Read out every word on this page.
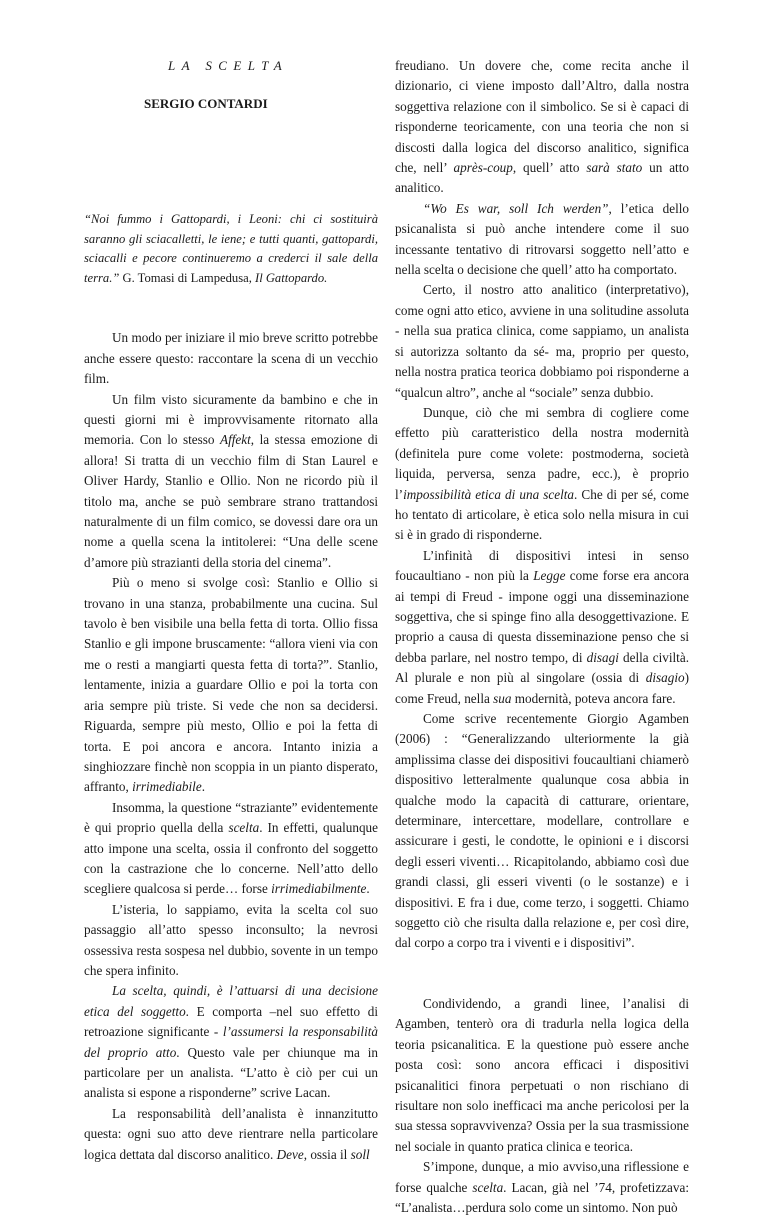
LA SCELTA

SERGIO CONTARDI

“Noi fummo i Gattopardi, i Leoni: chi ci sostituirà saranno gli sciacalletti, le iene; e tutti quanti, gattopardi, sciacalli e pecore continueremo a crederci il sale della terra.” G. Tomasi di Lampedusa, Il Gattopardo.

Un modo per iniziare il mio breve scritto potrebbe anche essere questo: raccontare la scena di un vecchio film.

Un film visto sicuramente da bambino e che in questi giorni mi è improvvisamente ritornato alla memoria. Con lo stesso Affekt, la stessa emozione di allora! Si tratta di un vecchio film di Stan Laurel e Oliver Hardy, Stanlio e Ollio. Non ne ricordo più il titolo ma, anche se può sembrare strano trattandosi naturalmente di un film comico, se dovessi dare ora un nome a quella scena la intitolerei: “Una delle scene d’amore più strazianti della storia del cinema”.

Più o meno si svolge così: Stanlio e Ollio si trovano in una stanza, probabilmente una cucina. Sul tavolo è ben visibile una bella fetta di torta. Ollio fissa Stanlio e gli impone bruscamente: “allora vieni via con me o resti a mangiarti questa fetta di torta?”. Stanlio, lentamente, inizia a guardare Ollio e poi la torta con aria sempre più triste. Si vede che non sa decidersi. Riguarda, sempre più mesto, Ollio e poi la fetta di torta. E poi ancora e ancora. Intanto inizia a singhiozzare finchè non scoppia in un pianto disperato, affranto, irrimediabile.

Insomma, la questione “straziante” evidentemente è qui proprio quella della scelta. In effetti, qualunque atto impone una scelta, ossia il confronto del soggetto con la castrazione che lo concerne. Nell’atto dello scegliere qualcosa si perde… forse irrimediabilmente.

L’isteria, lo sappiamo, evita la scelta col suo passaggio all’atto spesso inconsulto; la nevrosi ossessiva resta sospesa nel dubbio, sovente in un tempo che spera infinito.

La scelta, quindi, è l’attuarsi di una decisione etica del soggetto. E comporta –nel suo effetto di retroazione significante - l’assumersi la responsabilità del proprio atto. Questo vale per chiunque ma in particolare per un analista. “L’atto è ciò per cui un analista si espone a risponderne” scrive Lacan.

La responsabilità dell’analista è innanzitutto questa: ogni suo atto deve rientrare nella particolare logica dettata dal discorso analitico. Deve, ossia il soll

freudiano. Un dovere che, come recita anche il dizionario, ci viene imposto dall’Altro, dalla nostra soggettiva relazione con il simbolico. Se si è capaci di risponderne teoricamente, con una teoria che non si discosti dalla logica del discorso analitico, significa che, nell’ après-coup, quell’ atto sarà stato un atto analitico.

“Wo Es war, soll Ich werden”, l’etica dello psicanalista si può anche intendere come il suo incessante tentativo di ritrovarsi soggetto nell’atto e nella scelta o decisione che quell’ atto ha comportato.

Certo, il nostro atto analitico (interpretativo), come ogni atto etico, avviene in una solitudine assoluta - nella sua pratica clinica, come sappiamo, un analista si autorizza soltanto da sé- ma, proprio per questo, nella nostra pratica teorica dobbiamo poi risponderne a “qualcun altro”, anche al “sociale” senza dubbio.

Dunque, ciò che mi sembra di cogliere come effetto più caratteristico della nostra modernità (definitela pure come volete: postmoderna, società liquida, perversa, senza padre, ecc.), è proprio l’impossibilità etica di una scelta. Che di per sé, come ho tentato di articolare, è etica solo nella misura in cui si è in grado di risponderne.

L’infinità di dispositivi intesi in senso foucaultiano - non più la Legge come forse era ancora ai tempi di Freud - impone oggi una disseminazione soggettiva, che si spinge fino alla desoggettivazione. E proprio a causa di questa disseminazione penso che si debba parlare, nel nostro tempo, di disagi della civiltà. Al plurale e non più al singolare (ossia di disagio) come Freud, nella sua modernità, poteva ancora fare.

Come scrive recentemente Giorgio Agamben (2006) : “Generalizzando ulteriormente la già amplissima classe dei dispositivi foucaultiani chiamerò dispositivo letteralmente qualunque cosa abbia in qualche modo la capacità di catturare, orientare, determinare, intercettare, modellare, controllare e assicurare i gesti, le condotte, le opinioni e i discorsi degli esseri viventi… Ricapitolando, abbiamo così due grandi classi, gli esseri viventi (o le sostanze) e i dispositivi. E fra i due, come terzo, i soggetti. Chiamo soggetto ciò che risulta dalla relazione e, per così dire, dal corpo a corpo tra i viventi e i dispositivi”.

Condividendo, a grandi linee, l’analisi di Agamben, tenterò ora di tradurla nella logica della teoria psicanalitica. E la questione può essere anche posta così: sono ancora efficaci i dispositivi psicanalitici finora perpetuati o non rischiano di risultare non solo inefficaci ma anche pericolosi per la sua stessa sopravvivenza? Ossia per la sua trasmissione nel sociale in quanto pratica clinica e teorica.

S’impone, dunque, a mio avviso,una riflessione e forse qualche scelta. Lacan, già nel ’74, profetizzava: “L’analista…perdura solo come un sintomo. Non può
